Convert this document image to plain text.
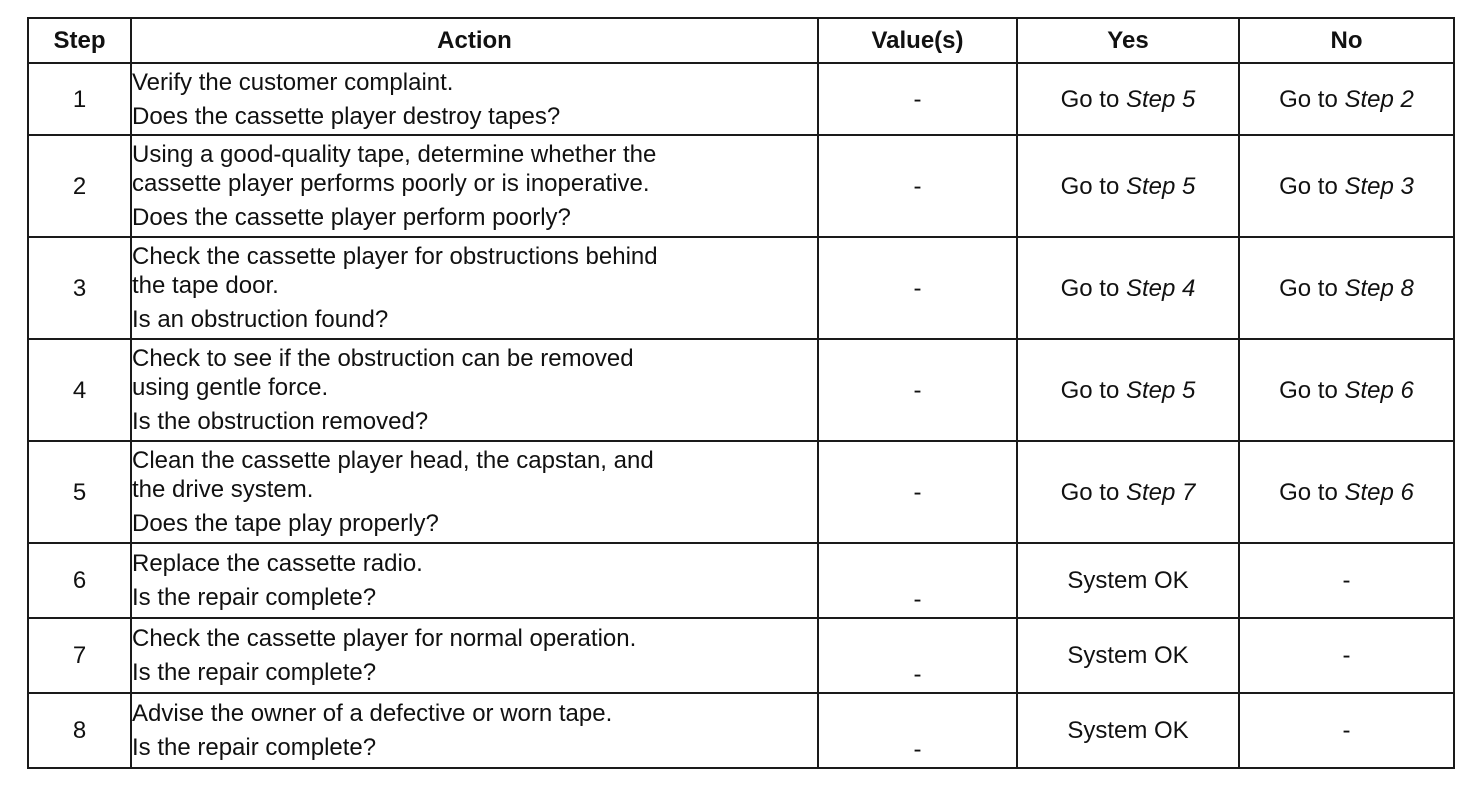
Step	Action	Value(s)	Yes	No
1	Verify the customer complaint.
Does the cassette player destroy tapes?	-	Go to Step 5	Go to Step 2
2	Using a good-quality tape, determine whether the
cassette player performs poorly or is inoperative.
Does the cassette player perform poorly?	-	Go to Step 5	Go to Step 3
3	Check the cassette player for obstructions behind
the tape door.
Is an obstruction found?	-	Go to Step 4	Go to Step 8
4	Check to see if the obstruction can be removed
using gentle force.
Is the obstruction removed?	-	Go to Step 5	Go to Step 6
5	Clean the cassette player head, the capstan, and
the drive system.
Does the tape play properly?	-	Go to Step 7	Go to Step 6
6	Replace the cassette radio.
Is the repair complete?	-	System OK	-
7	Check the cassette player for normal operation.
Is the repair complete?	-	System OK	-
8	Advise the owner of a defective or worn tape.
Is the repair complete?	-	System OK	-
